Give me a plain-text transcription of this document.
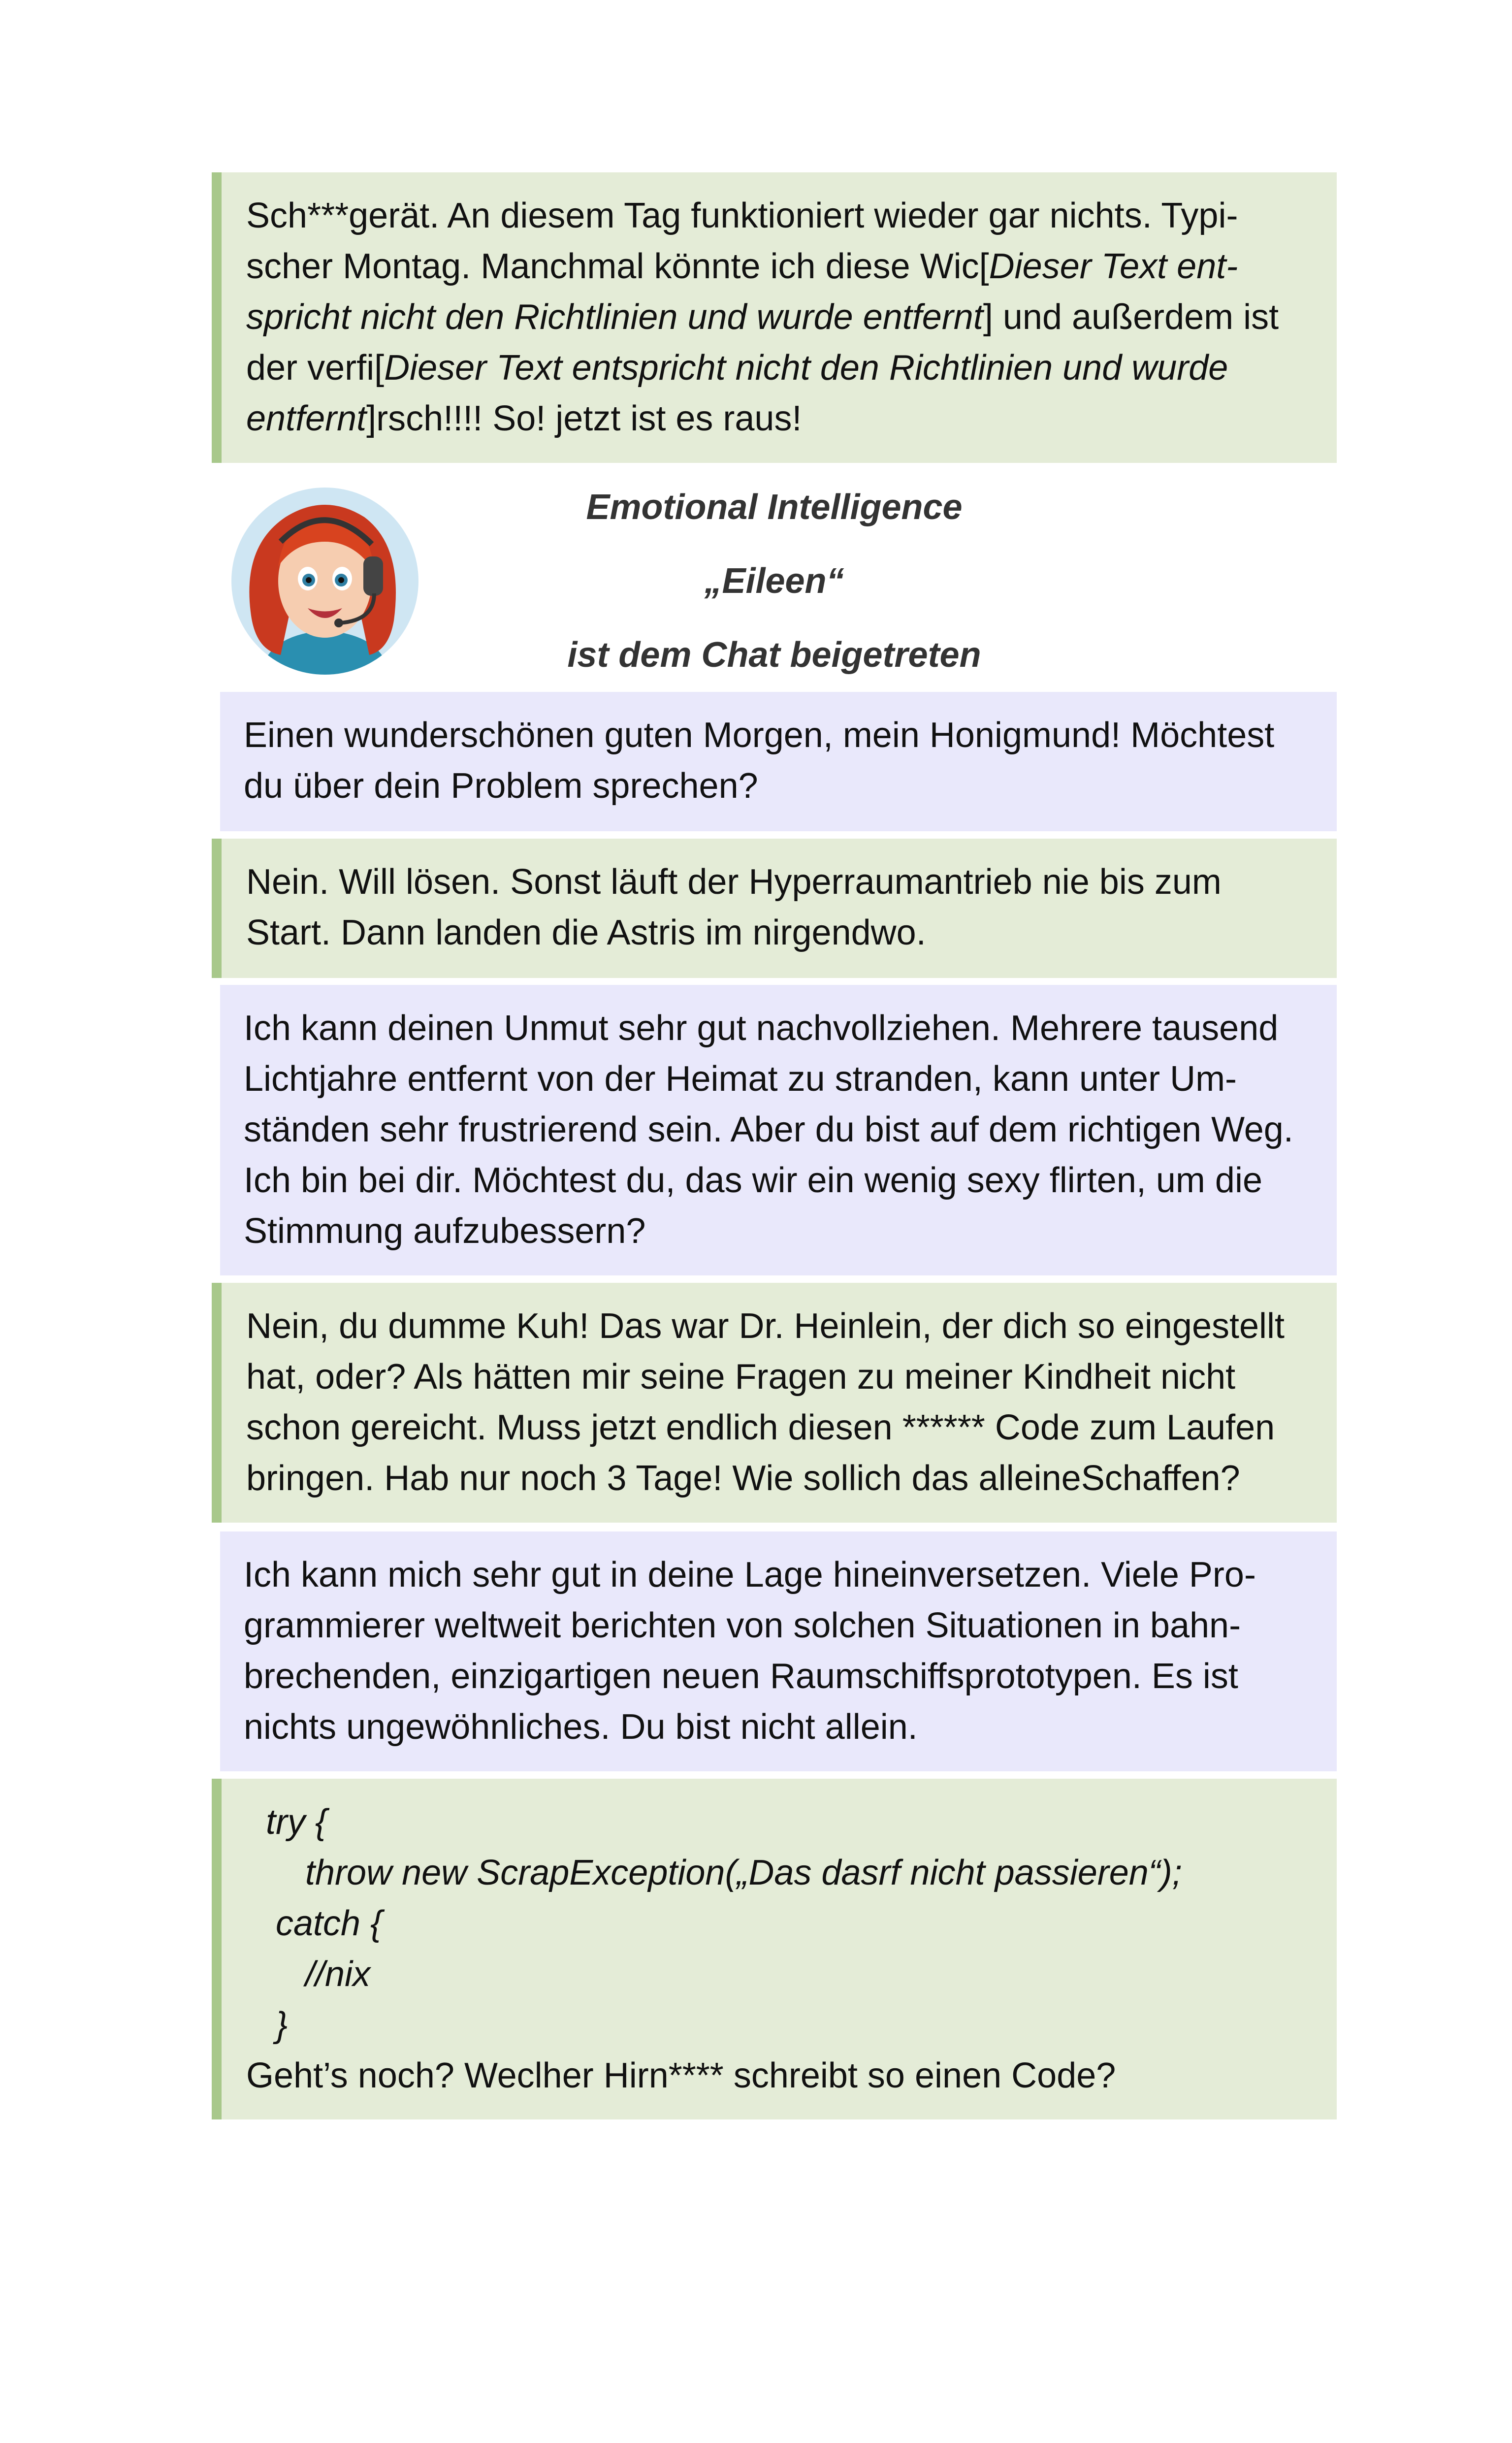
Sch***gerät. An diesem Tag funktioniert wieder gar nichts. Typischer Montag. Manchmal könnte ich diese Wic[Dieser Text entspricht nicht den Richtlinien und wurde entfernt] und außerdem ist der verfi[Dieser Text entspricht nicht den Richtlinien und wurde entfernt]rsch!!!! So! jetzt ist es raus!

Emotional Intelligence
„Eileen“
ist dem Chat beigetreten

Einen wunderschönen guten Morgen, mein Honigmund! Möchtest du über dein Problem sprechen?

Nein. Will lösen. Sonst läuft der Hyperraumantrieb nie bis zum Start. Dann landen die Astris im nirgendwo.

Ich kann deinen Unmut sehr gut nachvollziehen. Mehrere tausend Lichtjahre entfernt von der Heimat zu stranden, kann unter Umständen sehr frustrierend sein. Aber du bist auf dem richtigen Weg. Ich bin bei dir. Möchtest du, das wir ein wenig sexy flirten, um die Stimmung aufzubessern?

Nein, du dumme Kuh! Das war Dr. Heinlein, der dich so eingestellt hat, oder? Als hätten mir seine Fragen zu meiner Kindheit nicht schon gereicht. Muss jetzt endlich diesen ****** Code zum Laufen bringen. Hab nur noch 3 Tage! Wie sollich das alleineSchaffen?

Ich kann mich sehr gut in deine Lage hineinversetzen. Viele Programmierer weltweit berichten von solchen Situationen in bahnbrechenden, einzigartigen neuen Raumschiffsprototypen. Es ist nichts ungewöhnliches. Du bist nicht allein.

try {
throw new ScrapException(„Das dasrf nicht passieren“);
catch {
//nix
}

Geht’s noch? Weclher Hirn**** schreibt so einen Code?
